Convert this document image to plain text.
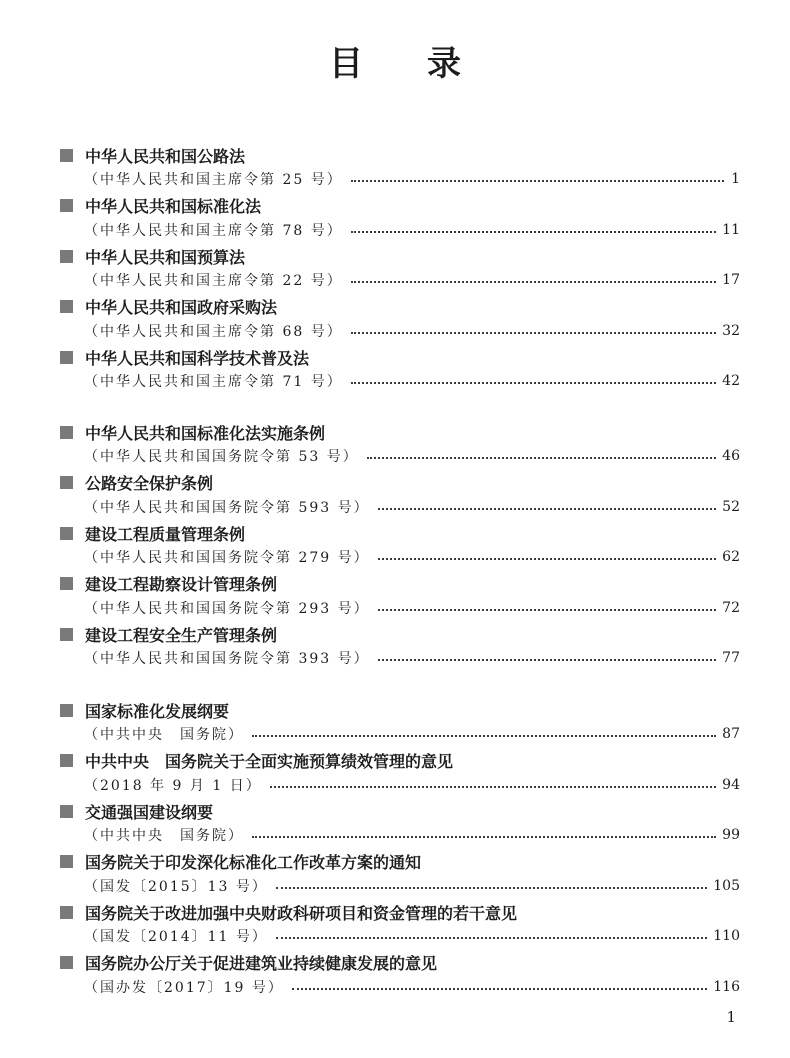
目 录
中华人民共和国公路法
（中华人民共和国主席令第 25 号）	1
中华人民共和国标准化法
（中华人民共和国主席令第 78 号）	11
中华人民共和国预算法
（中华人民共和国主席令第 22 号）	17
中华人民共和国政府采购法
（中华人民共和国主席令第 68 号）	32
中华人民共和国科学技术普及法
（中华人民共和国主席令第 71 号）	42
中华人民共和国标准化法实施条例
（中华人民共和国国务院令第 53 号）	46
公路安全保护条例
（中华人民共和国国务院令第 593 号）	52
建设工程质量管理条例
（中华人民共和国国务院令第 279 号）	62
建设工程勘察设计管理条例
（中华人民共和国国务院令第 293 号）	72
建设工程安全生产管理条例
（中华人民共和国国务院令第 393 号）	77
国家标准化发展纲要
（中共中央　国务院）	87
中共中央　国务院关于全面实施预算绩效管理的意见
（2018 年 9 月 1 日）	94
交通强国建设纲要
（中共中央　国务院）	99
国务院关于印发深化标准化工作改革方案的通知
（国发〔2015〕13 号）	105
国务院关于改进加强中央财政科研项目和资金管理的若干意见
（国发〔2014〕11 号）	110
国务院办公厅关于促进建筑业持续健康发展的意见
（国办发〔2017〕19 号）	116
1
